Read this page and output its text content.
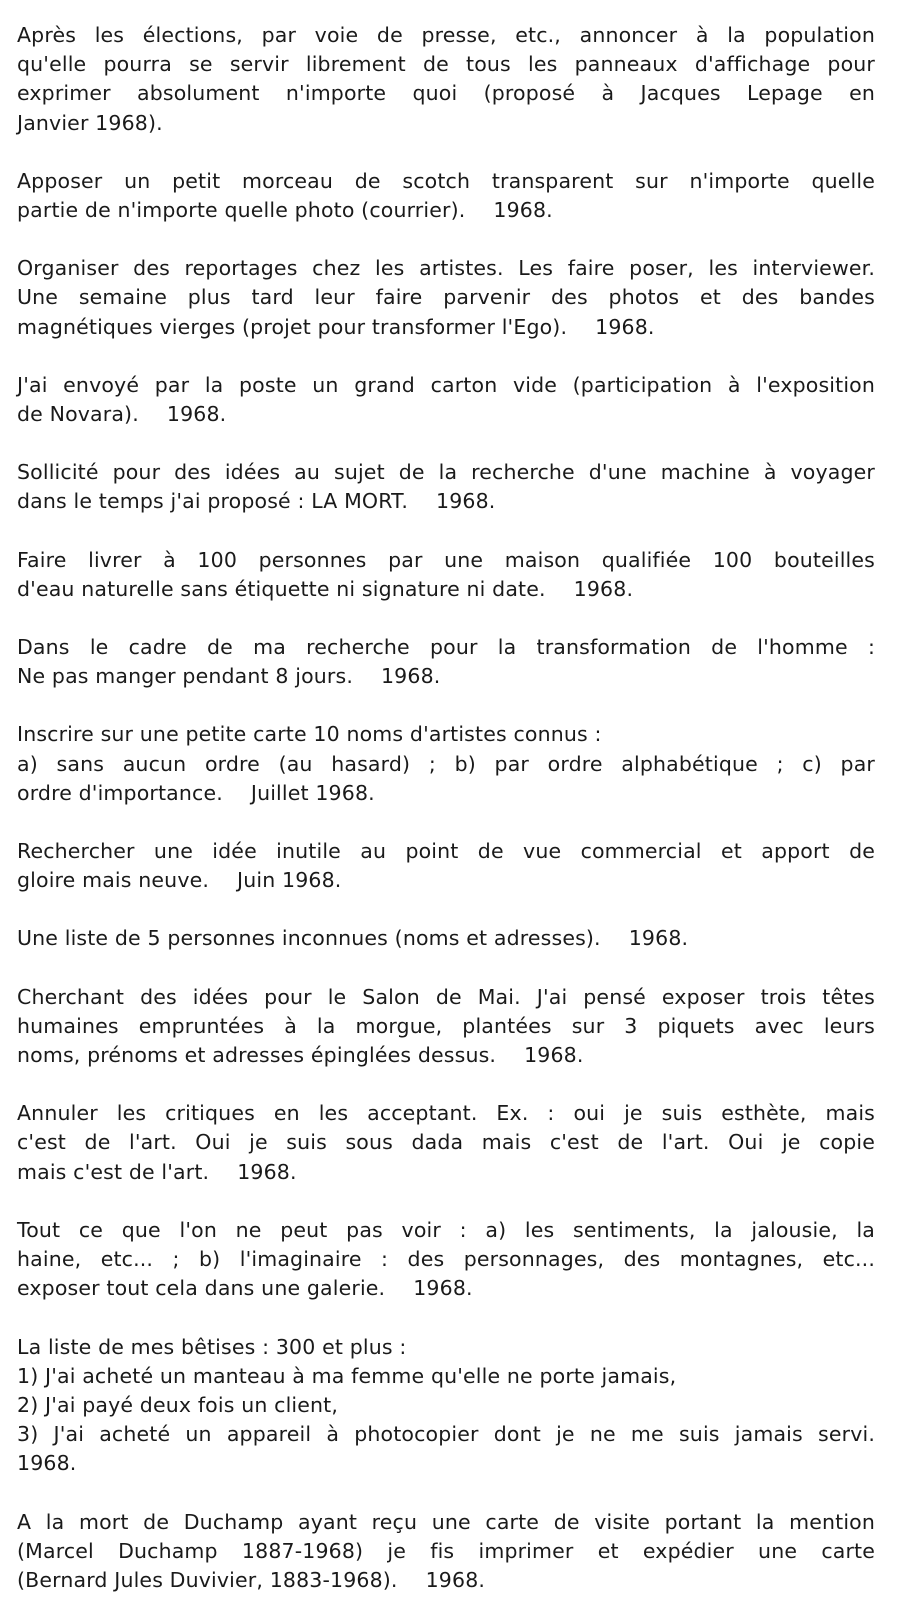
Après les élections, par voie de presse, etc., annoncer à la population
qu'elle pourra se servir librement de tous les panneaux d'affichage pour
exprimer absolument n'importe quoi (proposé à Jacques Lepage en
Janvier 1968).

Apposer un petit morceau de scotch transparent sur n'importe quelle
partie de n'importe quelle photo (courrier). 1968.

Organiser des reportages chez les artistes. Les faire poser, les interviewer.
Une semaine plus tard leur faire parvenir des photos et des bandes
magnétiques vierges (projet pour transformer l'Ego). 1968.

J'ai envoyé par la poste un grand carton vide (participation à l'exposition
de Novara). 1968.

Sollicité pour des idées au sujet de la recherche d'une machine à voyager
dans le temps j'ai proposé : LA MORT. 1968.

Faire livrer à 100 personnes par une maison qualifiée 100 bouteilles
d'eau naturelle sans étiquette ni signature ni date. 1968.

Dans le cadre de ma recherche pour la transformation de l'homme :
Ne pas manger pendant 8 jours. 1968.

Inscrire sur une petite carte 10 noms d'artistes connus :
a) sans aucun ordre (au hasard) ; b) par ordre alphabétique ; c) par
ordre d'importance. Juillet 1968.

Rechercher une idée inutile au point de vue commercial et apport de
gloire mais neuve. Juin 1968.

Une liste de 5 personnes inconnues (noms et adresses). 1968.

Cherchant des idées pour le Salon de Mai. J'ai pensé exposer trois têtes
humaines empruntées à la morgue, plantées sur 3 piquets avec leurs
noms, prénoms et adresses épinglées dessus. 1968.

Annuler les critiques en les acceptant. Ex. : oui je suis esthète, mais
c'est de l'art. Oui je suis sous dada mais c'est de l'art. Oui je copie
mais c'est de l'art. 1968.

Tout ce que l'on ne peut pas voir : a) les sentiments, la jalousie, la
haine, etc... ; b) l'imaginaire : des personnages, des montagnes, etc...
exposer tout cela dans une galerie. 1968.

La liste de mes bêtises : 300 et plus :
1) J'ai acheté un manteau à ma femme qu'elle ne porte jamais,
2) J'ai payé deux fois un client,
3) J'ai acheté un appareil à photocopier dont je ne me suis jamais servi.
1968.

A la mort de Duchamp ayant reçu une carte de visite portant la mention
(Marcel Duchamp 1887-1968) je fis imprimer et expédier une carte
(Bernard Jules Duvivier, 1883-1968). 1968.
